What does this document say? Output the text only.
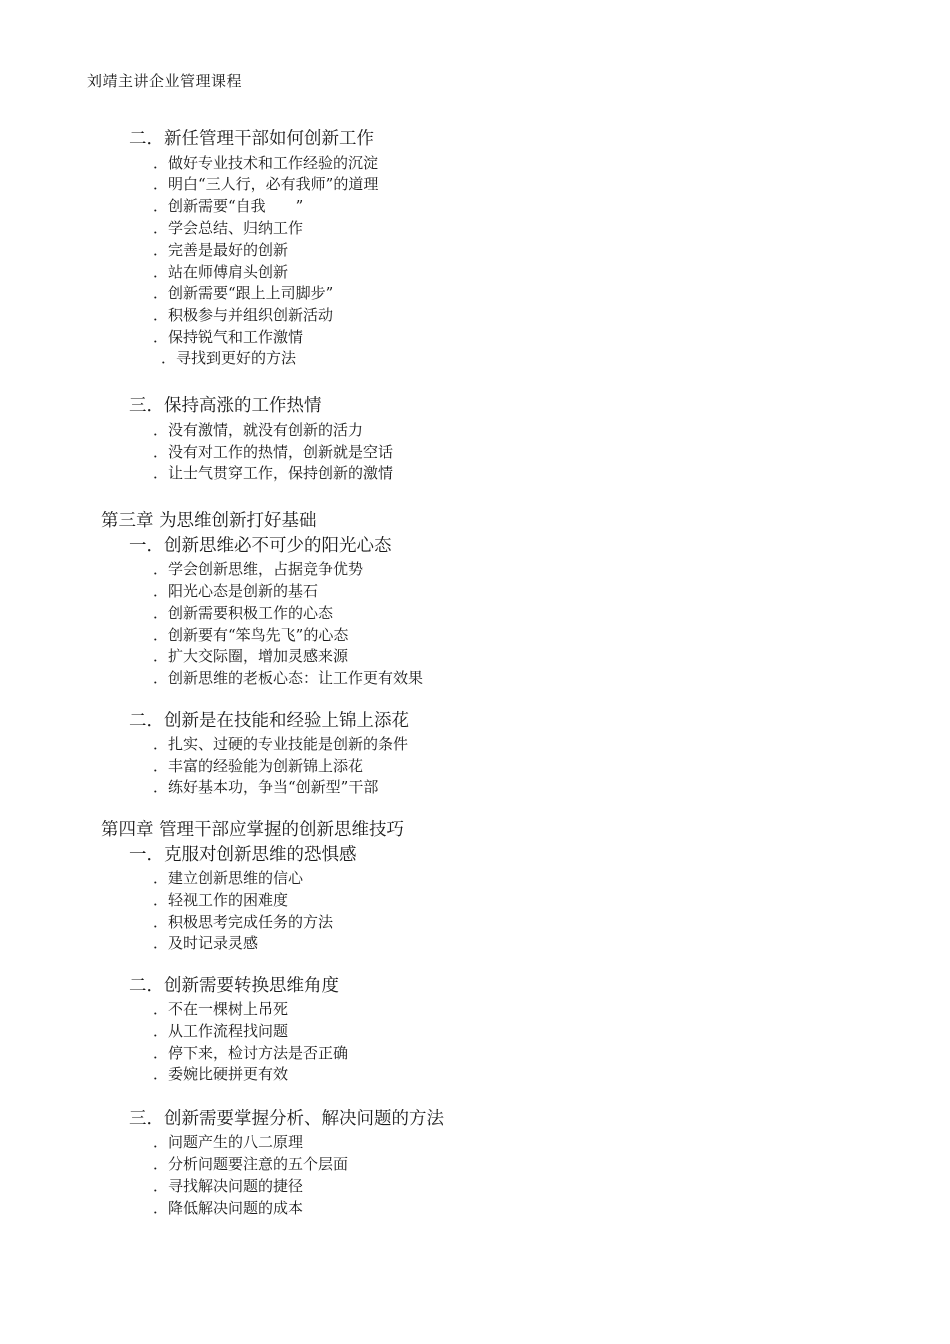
刘靖主讲企业管理课程
二．新任管理干部如何创新工作
．做好专业技术和工作经验的沉淀
．明白“三人行，必有我师”的道理
．创新需要“自我　　”
．学会总结、归纳工作
．完善是最好的创新
．站在师傅肩头创新
．创新需要“跟上上司脚步”
．积极参与并组织创新活动
．保持锐气和工作激情
．寻找到更好的方法
三．保持高涨的工作热情
．没有激情，就没有创新的活力
．没有对工作的热情，创新就是空话
．让士气贯穿工作，保持创新的激情
第三章 为思维创新打好基础
一．创新思维必不可少的阳光心态
．学会创新思维，占据竞争优势
．阳光心态是创新的基石
．创新需要积极工作的心态
．创新要有“笨鸟先飞”的心态
．扩大交际圈，增加灵感来源
．创新思维的老板心态：让工作更有效果
二．创新是在技能和经验上锦上添花
．扎实、过硬的专业技能是创新的条件
．丰富的经验能为创新锦上添花
．练好基本功，争当“创新型”干部
第四章 管理干部应掌握的创新思维技巧
一．克服对创新思维的恐惧感
．建立创新思维的信心
．轻视工作的困难度
．积极思考完成任务的方法
．及时记录灵感
二．创新需要转换思维角度
．不在一棵树上吊死
．从工作流程找问题
．停下来，检讨方法是否正确
．委婉比硬拼更有效
三．创新需要掌握分析、解决问题的方法
．问题产生的八二原理
．分析问题要注意的五个层面
．寻找解决问题的捷径
．降低解决问题的成本
